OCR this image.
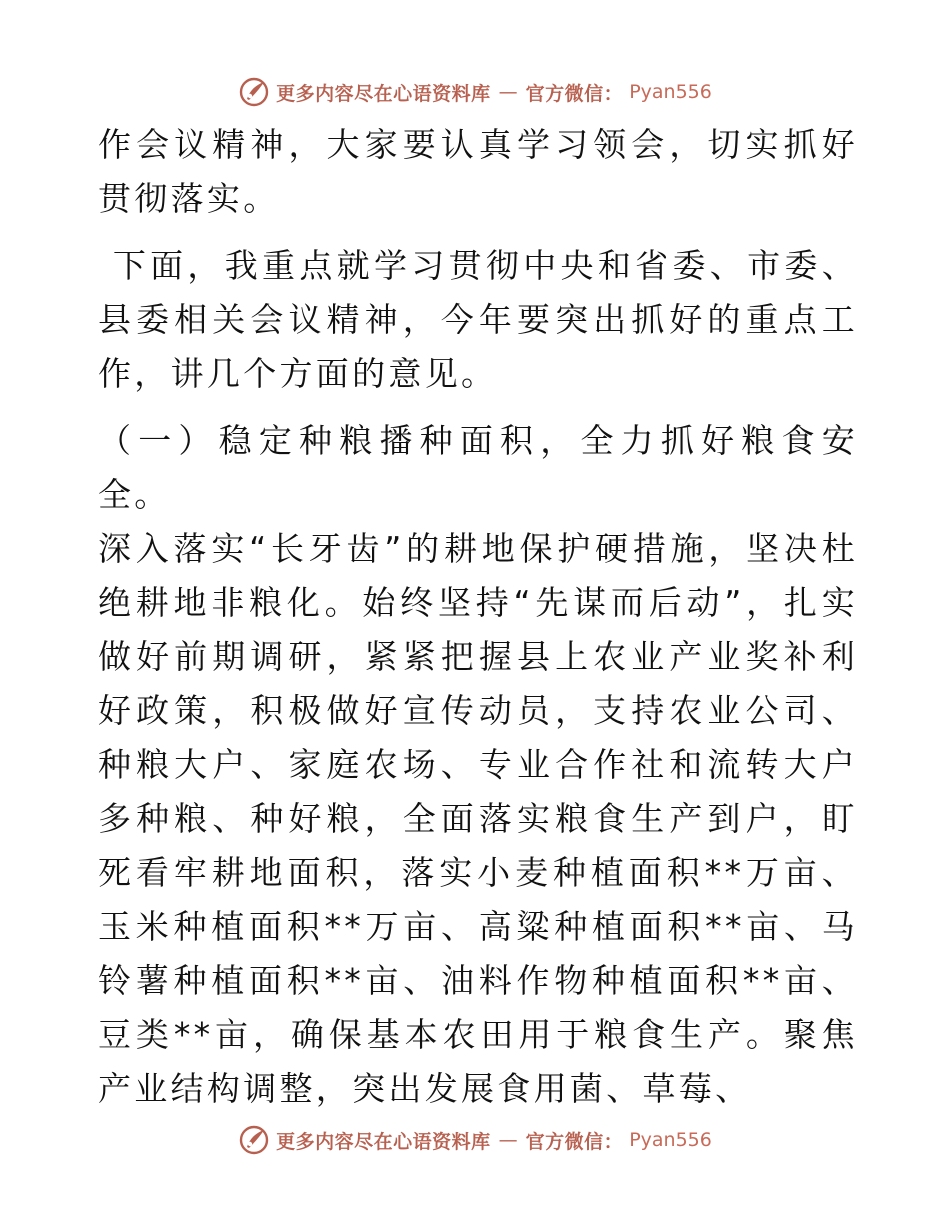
更多内容尽在心语资料库 — 官方微信： Pyan556

作会议精神，大家要认真学习领会，切实抓好贯彻落实。

下面，我重点就学习贯彻中央和省委、市委、县委相关会议精神，今年要突出抓好的重点工作，讲几个方面的意见。

（一）稳定种粮播种面积，全力抓好粮食安全。

深入落实“长牙齿”的耕地保护硬措施，坚决杜绝耕地非粮化。始终坚持“先谋而后动”，扎实做好前期调研，紧紧把握县上农业产业奖补利好政策，积极做好宣传动员，支持农业公司、种粮大户、家庭农场、专业合作社和流转大户多种粮、种好粮，全面落实粮食生产到户，盯死看牢耕地面积，落实小麦种植面积**万亩、玉米种植面积**万亩、高粱种植面积**亩、马铃薯种植面积**亩、油料作物种植面积**亩、豆类**亩，确保基本农田用于粮食生产。聚焦产业结构调整，突出发展食用菌、草莓、

更多内容尽在心语资料库 — 官方微信： Pyan556
